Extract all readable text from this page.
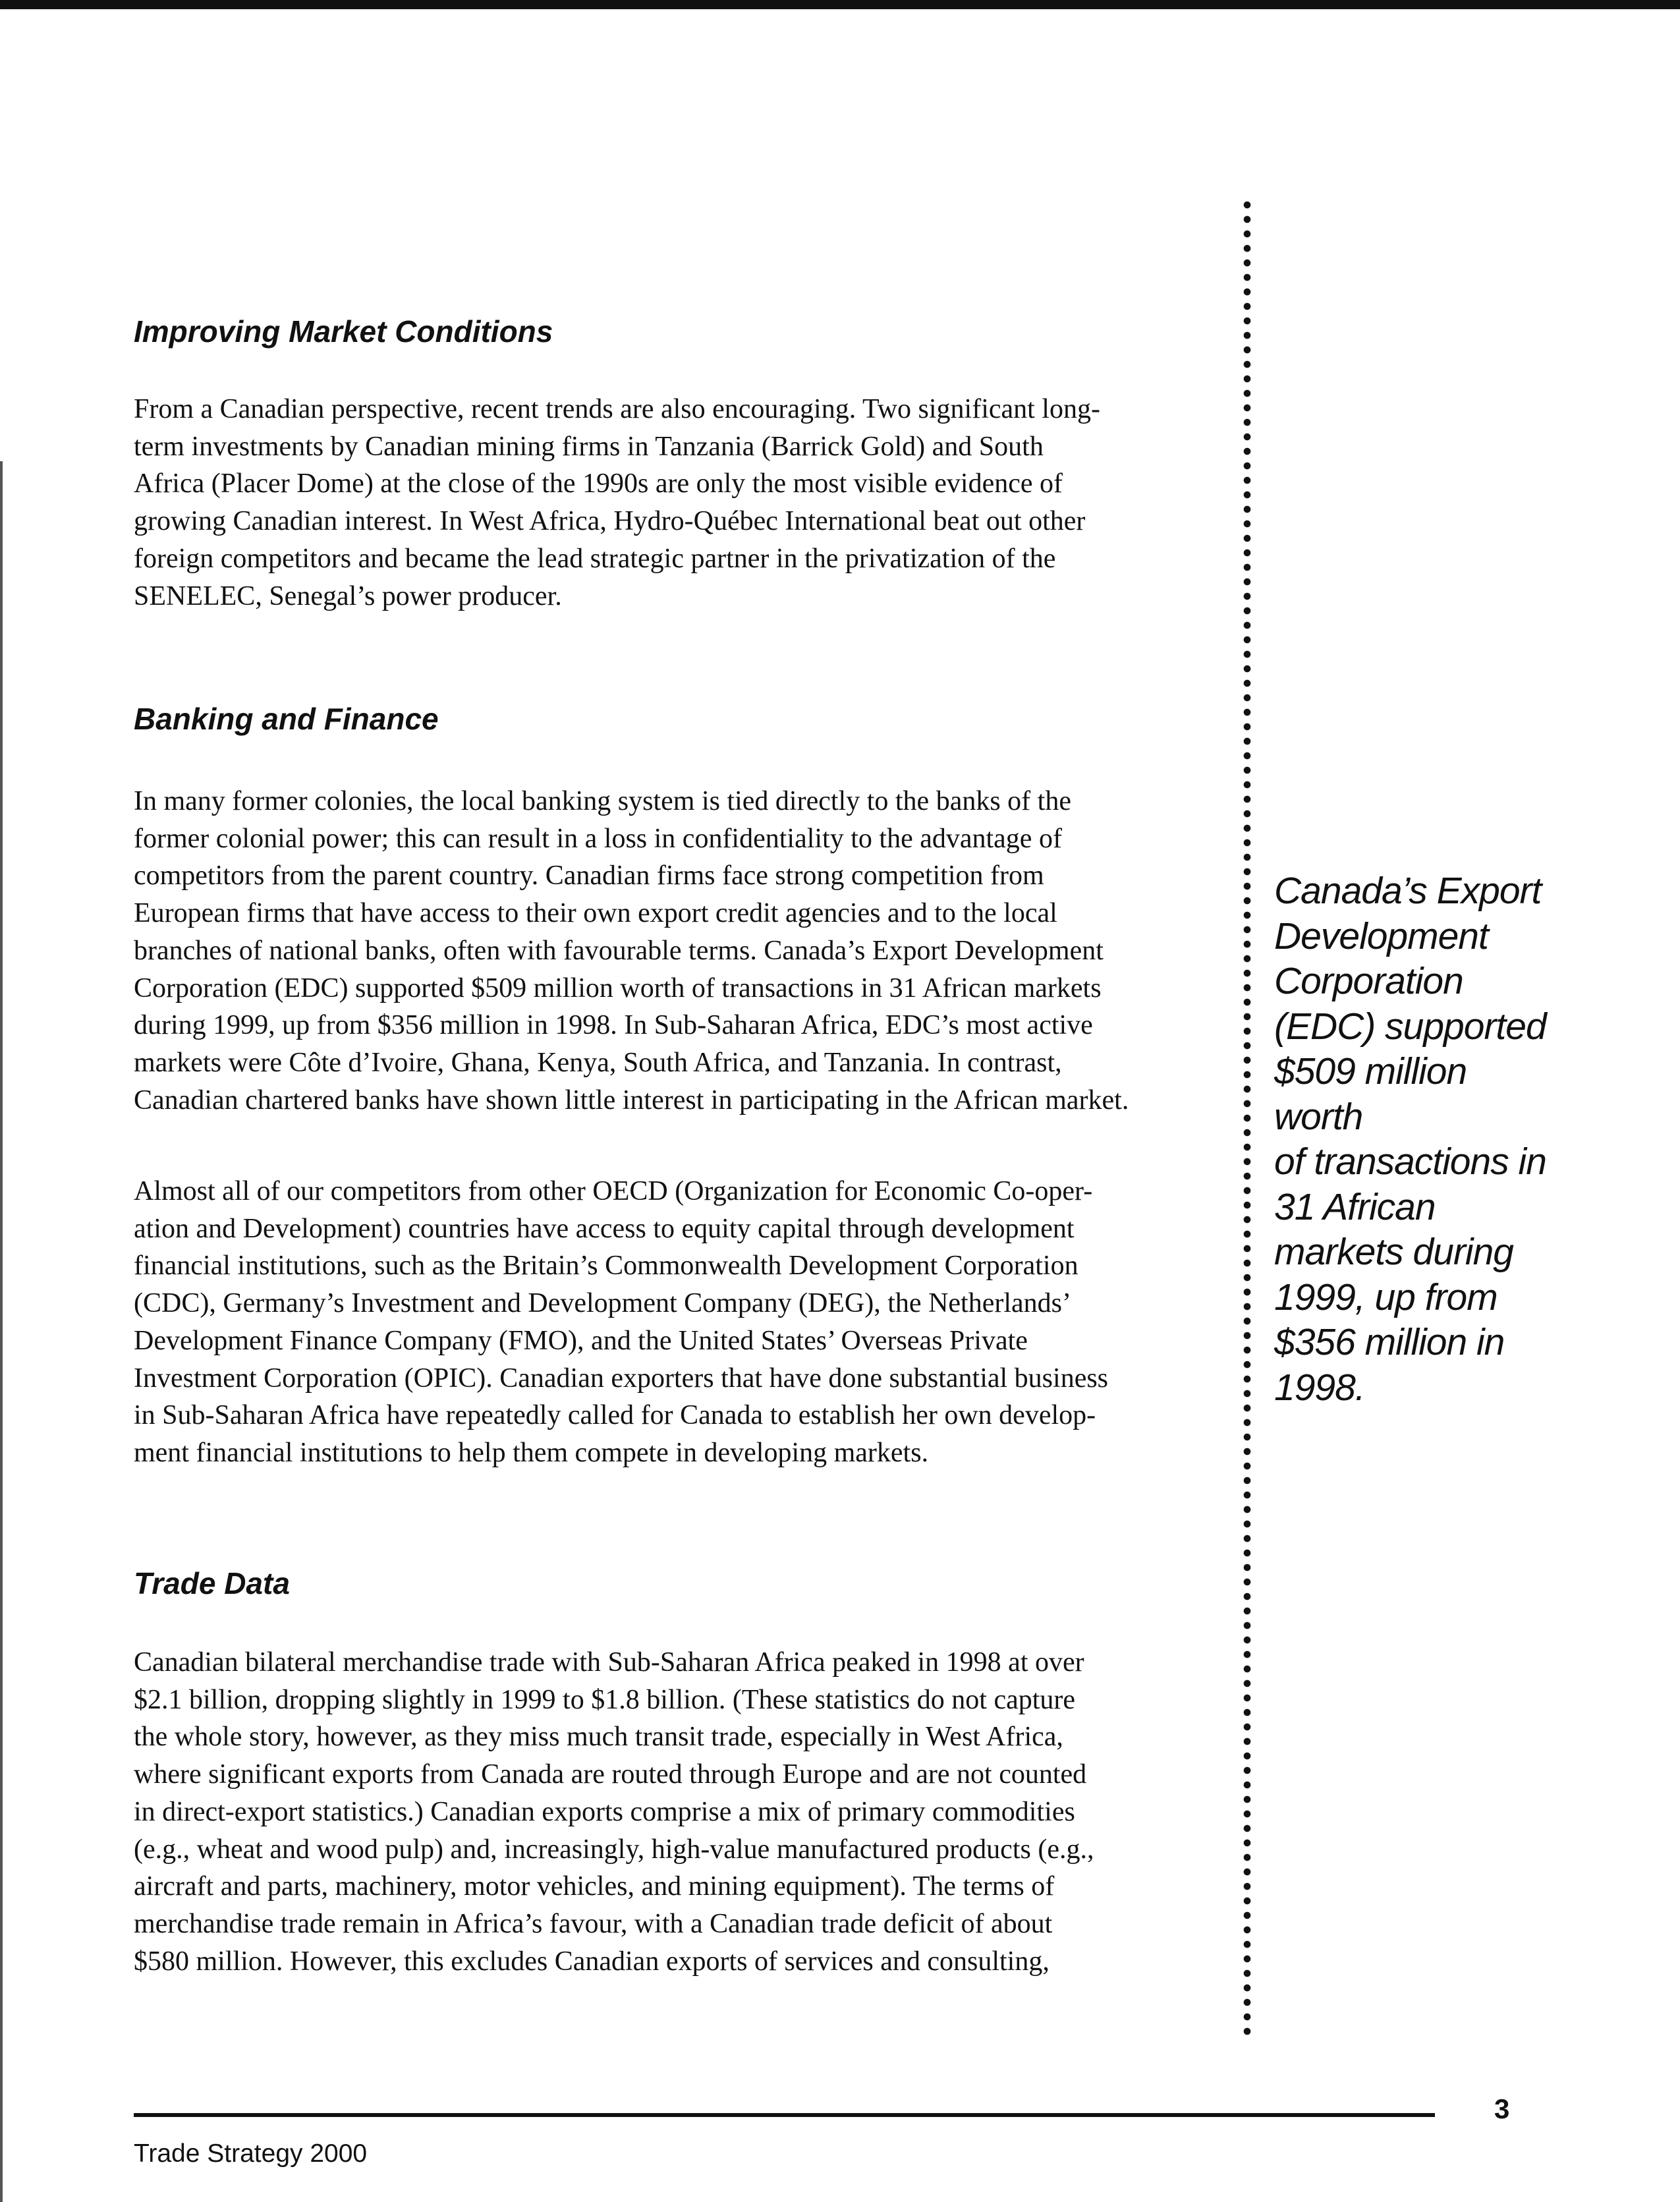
Improving Market Conditions

From a Canadian perspective, recent trends are also encouraging. Two significant long-
term investments by Canadian mining firms in Tanzania (Barrick Gold) and South
Africa (Placer Dome) at the close of the 1990s are only the most visible evidence of
growing Canadian interest. In West Africa, Hydro-Québec International beat out other
foreign competitors and became the lead strategic partner in the privatization of the
SENELEC, Senegal’s power producer.

Banking and Finance

In many former colonies, the local banking system is tied directly to the banks of the
former colonial power; this can result in a loss in confidentiality to the advantage of
competitors from the parent country. Canadian firms face strong competition from
European firms that have access to their own export credit agencies and to the local
branches of national banks, often with favourable terms. Canada’s Export Development
Corporation (EDC) supported $509 million worth of transactions in 31 African markets
during 1999, up from $356 million in 1998. In Sub-Saharan Africa, EDC’s most active
markets were Côte d’Ivoire, Ghana, Kenya, South Africa, and Tanzania. In contrast,
Canadian chartered banks have shown little interest in participating in the African market.

Almost all of our competitors from other OECD (Organization for Economic Co-oper-
ation and Development) countries have access to equity capital through development
financial institutions, such as the Britain’s Commonwealth Development Corporation
(CDC), Germany’s Investment and Development Company (DEG), the Netherlands’
Development Finance Company (FMO), and the United States’ Overseas Private
Investment Corporation (OPIC). Canadian exporters that have done substantial business
in Sub-Saharan Africa have repeatedly called for Canada to establish her own develop-
ment financial institutions to help them compete in developing markets.

Trade Data

Canadian bilateral merchandise trade with Sub-Saharan Africa peaked in 1998 at over
$2.1 billion, dropping slightly in 1999 to $1.8 billion. (These statistics do not capture
the whole story, however, as they miss much transit trade, especially in West Africa,
where significant exports from Canada are routed through Europe and are not counted
in direct-export statistics.) Canadian exports comprise a mix of primary commodities
(e.g., wheat and wood pulp) and, increasingly, high-value manufactured products (e.g.,
aircraft and parts, machinery, motor vehicles, and mining equipment). The terms of
merchandise trade remain in Africa’s favour, with a Canadian trade deficit of about
$580 million. However, this excludes Canadian exports of services and consulting,

Canada’s Export
Development
Corporation
(EDC) supported
$509 million worth
of transactions in
31 African
markets during
1999, up from
$356 million in
1998.

3

Trade Strategy 2000
